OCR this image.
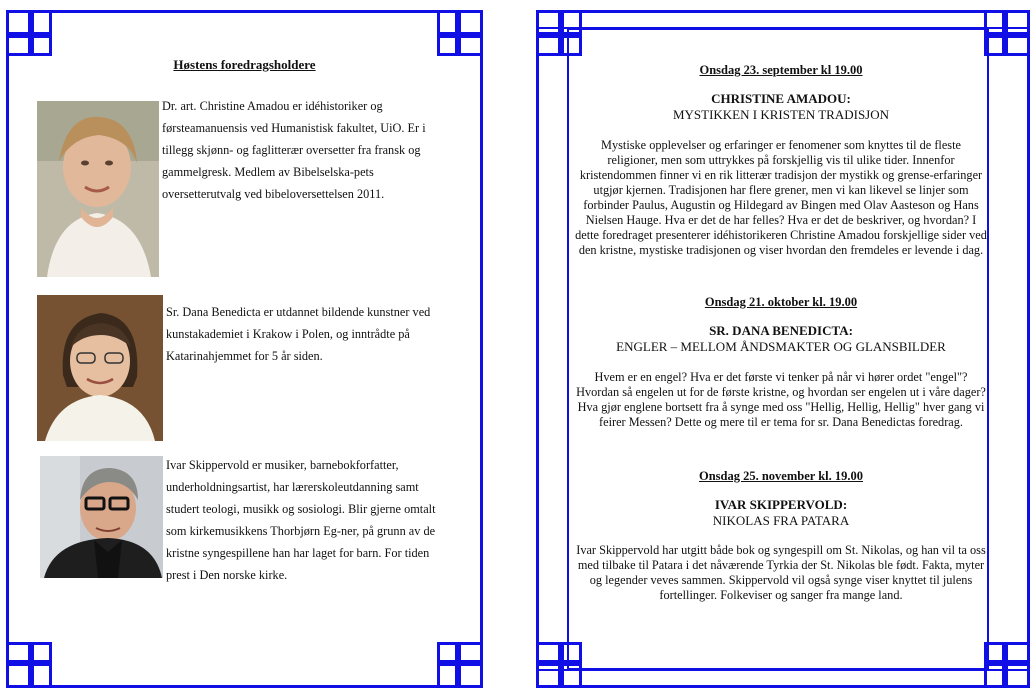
Høstens foredragsholdere

Dr. art. Christine Amadou er idéhistoriker og førsteamanuensis ved Humanistisk fakultet, UiO. Er i tillegg skjønn- og faglitterær oversetter fra fransk og gammelgresk. Medlem av Bibelselska-pets oversetterutvalg ved bibeloversettelsen 2011.

Sr. Dana Benedicta er utdannet bildende kunstner ved kunstakademiet i Krakow i Polen, og inntrådte på Katarinahjemmet for 5 år siden.

Ivar Skippervold er musiker, barnebokforfatter, underholdningsartist, har lærerskoleutdanning samt studert teologi, musikk og sosiologi. Blir gjerne omtalt som kirkemusikkens Thorbjørn Eg-ner, på grunn av de kristne syngespillene han har laget for barn. For tiden prest i Den norske kirke.

Onsdag 23. september kl 19.00

CHRISTINE AMADOU:

MYSTIKKEN I KRISTEN TRADISJON

Mystiske opplevelser og erfaringer er fenomener som knyttes til de fleste religioner, men som uttrykkes på forskjellig vis til ulike tider. Innenfor kristendommen finner vi en rik litterær tradisjon der mystikk og grense-erfaringer utgjør kjernen. Tradisjonen har flere grener, men vi kan likevel se linjer som forbinder Paulus, Augustin og Hildegard av Bingen med Olav Aasteson og Hans Nielsen Hauge. Hva er det de har felles? Hva er det de beskriver, og hvordan? I dette foredraget presenterer idéhistorikeren Christine Amadou forskjellige sider ved den kristne, mystiske tradisjonen og viser hvordan den fremdeles er levende i dag.

Onsdag 21. oktober kl. 19.00

SR. DANA BENEDICTA:

ENGLER – MELLOM ÅNDSMAKTER OG GLANSBILDER

Hvem er en engel? Hva er det første vi tenker på når vi hører ordet "engel"? Hvordan så engelen ut for de første kristne, og hvordan ser engelen ut i våre dager? Hva gjør englene bortsett fra å synge med oss "Hellig, Hellig, Hellig" hver gang vi feirer Messen? Dette og mere til er tema for sr. Dana Benedictas foredrag.

Onsdag 25. november kl. 19.00

IVAR SKIPPERVOLD:

NIKOLAS FRA PATARA

Ivar Skippervold har utgitt både bok og syngespill om St. Nikolas, og han vil ta oss med tilbake til Patara i det nåværende Tyrkia der St. Nikolas ble født. Fakta, myter og legender veves sammen. Skippervold vil også synge viser knyttet til julens fortellinger. Folkeviser og sanger fra mange land.
